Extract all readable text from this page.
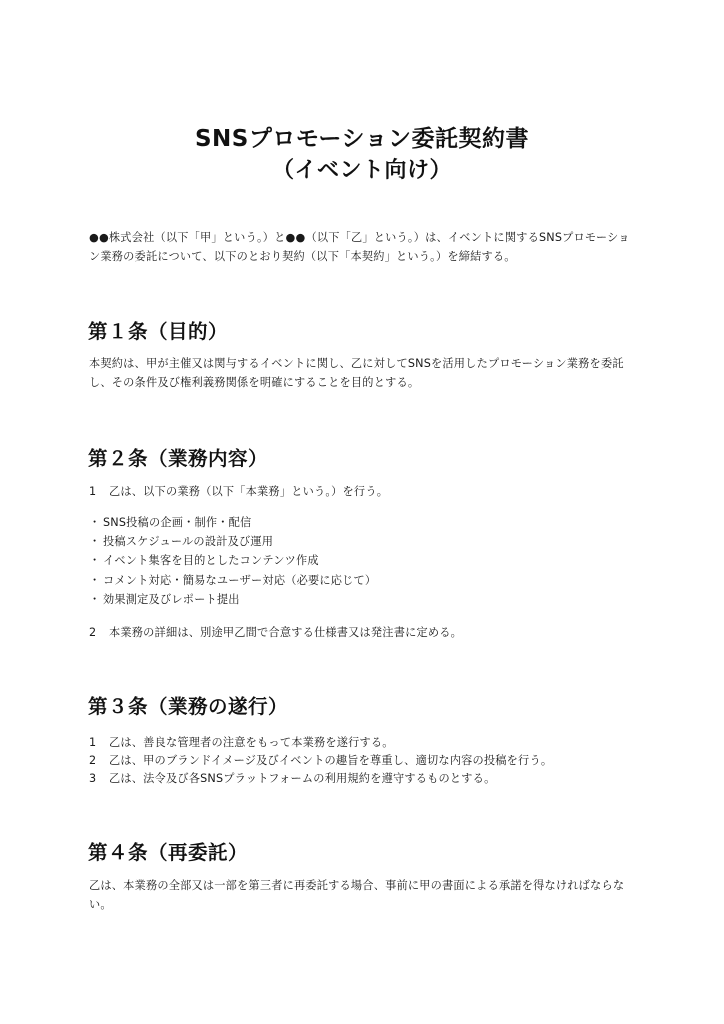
SNSプロモーション委託契約書
（イベント向け）
●●株式会社（以下「甲」という。）と●●（以下「乙」という。）は、イベントに関するSNSプロモーション業務の委託について、以下のとおり契約（以下「本契約」という。）を締結する。
第１条（目的）
本契約は、甲が主催又は関与するイベントに関し、乙に対してSNSを活用したプロモーション業務を委託し、その条件及び権利義務関係を明確にすることを目的とする。
第２条（業務内容）
1 乙は、以下の業務（以下「本業務」という。）を行う。
・ SNS投稿の企画・制作・配信
・ 投稿スケジュールの設計及び運用
・ イベント集客を目的としたコンテンツ作成
・ コメント対応・簡易なユーザー対応（必要に応じて）
・ 効果測定及びレポート提出
2 本業務の詳細は、別途甲乙間で合意する仕様書又は発注書に定める。
第３条（業務の遂行）
1 乙は、善良な管理者の注意をもって本業務を遂行する。
2 乙は、甲のブランドイメージ及びイベントの趣旨を尊重し、適切な内容の投稿を行う。
3 乙は、法令及び各SNSプラットフォームの利用規約を遵守するものとする。
第４条（再委託）
乙は、本業務の全部又は一部を第三者に再委託する場合、事前に甲の書面による承諾を得なければならない。
